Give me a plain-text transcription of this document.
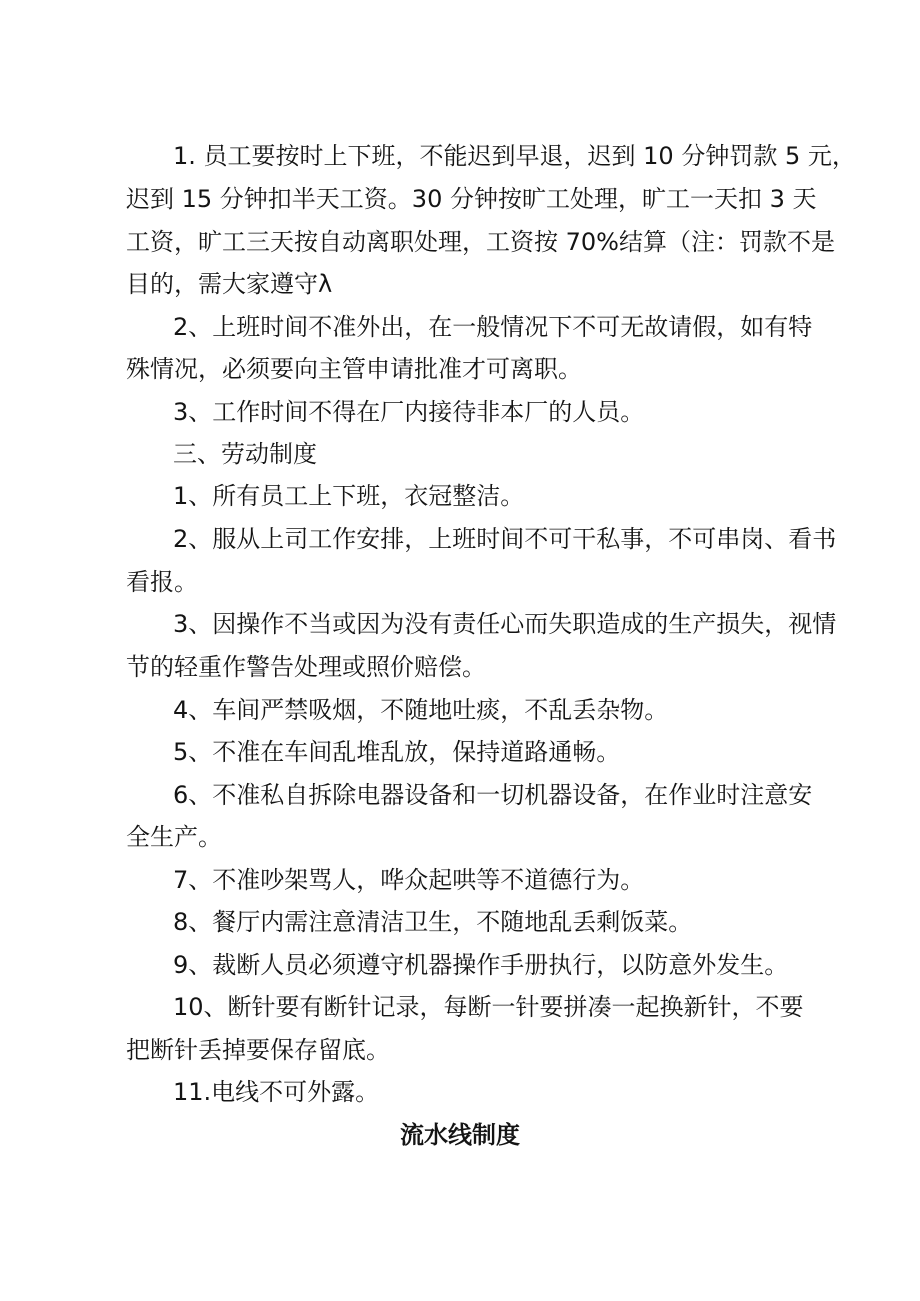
1. 员工要按时上下班，不能迟到早退，迟到 10 分钟罚款 5 元，

迟到 15 分钟扣半天工资。30 分钟按旷工处理，旷工一天扣 3 天

工资，旷工三天按自动离职处理，工资按 70%结算（注：罚款不是

目的，需大家遵守λ

2、上班时间不准外出，在一般情况下不可无故请假，如有特

殊情况，必须要向主管申请批准才可离职。

3、工作时间不得在厂内接待非本厂的人员。

三、劳动制度

1、所有员工上下班，衣冠整洁。

2、服从上司工作安排，上班时间不可干私事，不可串岗、看书

看报。

3、因操作不当或因为没有责任心而失职造成的生产损失，视情

节的轻重作警告处理或照价赔偿。

4、车间严禁吸烟，不随地吐痰，不乱丢杂物。

5、不准在车间乱堆乱放，保持道路通畅。

6、不准私自拆除电器设备和一切机器设备，在作业时注意安

全生产。

7、不准吵架骂人，哗众起哄等不道德行为。

8、餐厅内需注意清洁卫生，不随地乱丢剩饭菜。

9、裁断人员必须遵守机器操作手册执行，以防意外发生。

10、断针要有断针记录，每断一针要拼凑一起换新针，不要

把断针丢掉要保存留底。

11.电线不可外露。

流水线制度
